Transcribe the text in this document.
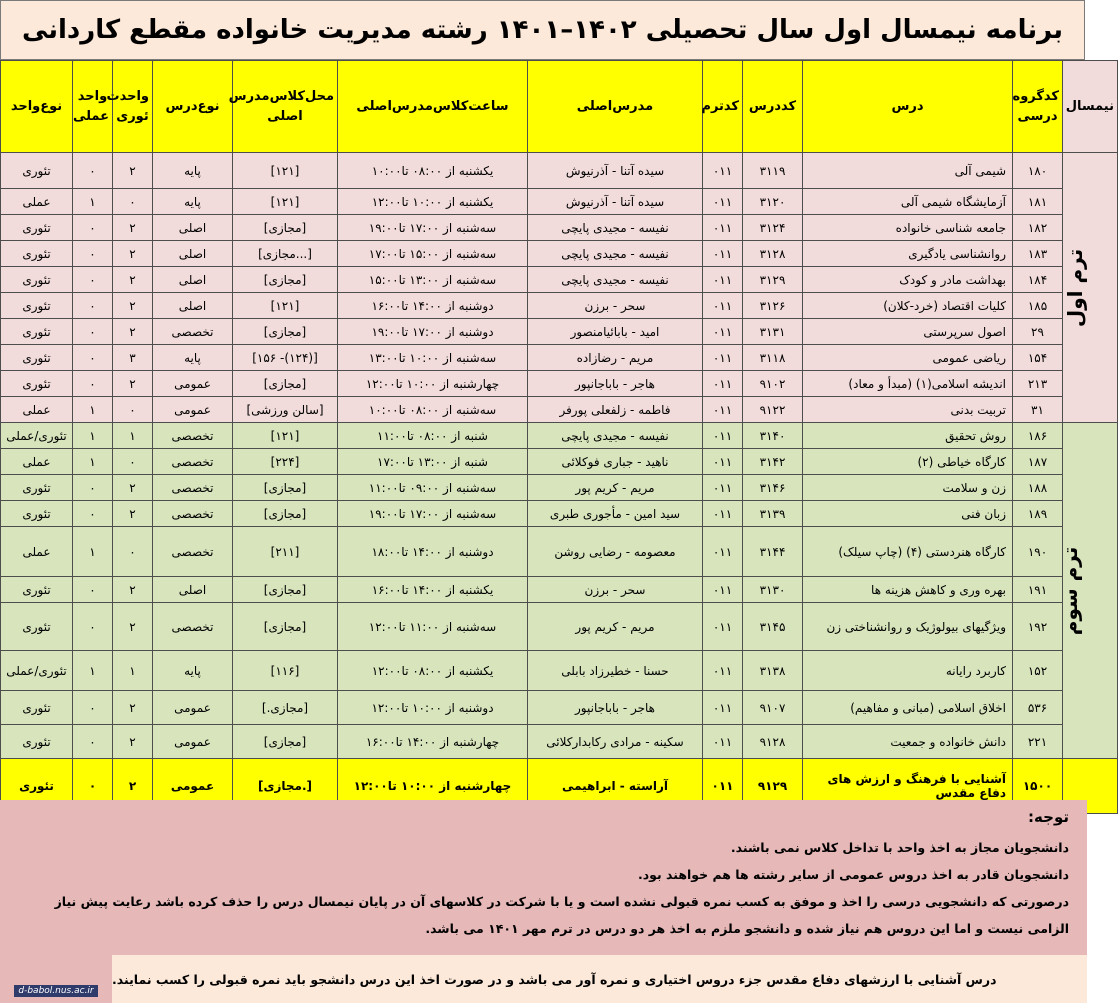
برنامه نیمسال اول سال تحصیلی ۱۴۰۲–۱۴۰۱ رشته مدیریت خانواده مقطع کاردانی
نیمسال	کدگروه درسی	درس	کددرس	کدترم	مدرس‌اصلی	ساعت‌کلاس‌مدرس‌اصلی	محل‌کلاس‌مدرس اصلی	نوع‌درس	واحدت ئوری	واحد عملی	نوع‌واحد
ترم اول	۱۸۰	شیمی آلی	۳۱۱۹	۰۱۱	سیده آتنا - آذرنیوش	یکشنبه از ۰۸:۰۰ تا۱۰:۰۰	[۱۲۱]	پایه	۲	۰	تئوری
	۱۸۱	آزمایشگاه شیمی آلی	۳۱۲۰	۰۱۱	سیده آتنا - آذرنیوش	یکشنبه از ۱۰:۰۰ تا۱۲:۰۰	[۱۲۱]	پایه	۰	۱	عملی
	۱۸۲	جامعه شناسی خانواده	۳۱۲۴	۰۱۱	نفیسه - مجیدی پایچی	سه‌شنبه از ۱۷:۰۰ تا۱۹:۰۰	[مجازی]	اصلی	۲	۰	تئوری
	۱۸۳	روانشناسی یادگیری	۳۱۲۸	۰۱۱	نفیسه - مجیدی پایچی	سه‌شنبه از ۱۵:۰۰ تا۱۷:۰۰	[...مجازی]	اصلی	۲	۰	تئوری
	۱۸۴	بهداشت مادر و کودک	۳۱۲۹	۰۱۱	نفیسه - مجیدی پایچی	سه‌شنبه از ۱۳:۰۰ تا۱۵:۰۰	[مجازی]	اصلی	۲	۰	تئوری
	۱۸۵	کلیات اقتصاد (خرد-کلان)	۳۱۲۶	۰۱۱	سحر - برزن	دوشنبه از ۱۴:۰۰ تا۱۶:۰۰	[۱۲۱]	اصلی	۲	۰	تئوری
	۲۹	اصول سرپرستی	۳۱۳۱	۰۱۱	امید - بابائیامنصور	دوشنبه از ۱۷:۰۰ تا۱۹:۰۰	[مجازی]	تخصصی	۲	۰	تئوری
	۱۵۴	ریاضی عمومی	۳۱۱۸	۰۱۱	مریم - رضازاده	سه‌شنبه از ۱۰:۰۰ تا۱۳:۰۰	[(۱۲۴)- ۱۵۶]	پایه	۳	۰	تئوری
	۲۱۳	اندیشه اسلامی(۱) (مبدأ و معاد)	۹۱۰۲	۰۱۱	هاجر - باباجانپور	چهارشنبه از ۱۰:۰۰ تا۱۲:۰۰	[مجازی]	عمومی	۲	۰	تئوری
	۳۱	تربیت بدنی	۹۱۲۲	۰۱۱	فاطمه - زلفعلی پورفر	سه‌شنبه از ۰۸:۰۰ تا۱۰:۰۰	[سالن ورزشی]	عمومی	۰	۱	عملی
ترم سوم	۱۸۶	روش تحقیق	۳۱۴۰	۰۱۱	نفیسه - مجیدی پایچی	شنبه از ۰۸:۰۰ تا۱۱:۰۰	[۱۲۱]	تخصصی	۱	۱	تئوری/عملی
	۱۸۷	کارگاه خیاطی (۲)	۳۱۴۲	۰۱۱	ناهید - جباری فوکلائی	شنبه از ۱۳:۰۰ تا۱۷:۰۰	[۲۲۴]	تخصصی	۰	۱	عملی
	۱۸۸	زن و سلامت	۳۱۴۶	۰۱۱	مریم - کریم پور	سه‌شنبه از ۰۹:۰۰ تا۱۱:۰۰	[مجازی]	تخصصی	۲	۰	تئوری
	۱۸۹	زبان فنی	۳۱۳۹	۰۱۱	سید امین - مأجوری طبری	سه‌شنبه از ۱۷:۰۰ تا۱۹:۰۰	[مجازی]	تخصصی	۲	۰	تئوری
	۱۹۰	کارگاه هنردستی (۴) (چاپ سیلک)	۳۱۴۴	۰۱۱	معصومه - رضایی روشن	دوشنبه از ۱۴:۰۰ تا۱۸:۰۰	[۲۱۱]	تخصصی	۰	۱	عملی
	۱۹۱	بهره وری و کاهش هزینه ها	۳۱۳۰	۰۱۱	سحر - برزن	یکشنبه از ۱۴:۰۰ تا۱۶:۰۰	[مجازی]	اصلی	۲	۰	تئوری
	۱۹۲	ویژگیهای بیولوژیک و روانشناختی زن	۳۱۴۵	۰۱۱	مریم - کریم پور	سه‌شنبه از ۱۱:۰۰ تا۱۲:۰۰	[مجازی]	تخصصی	۲	۰	تئوری
	۱۵۲	کاربرد رایانه	۳۱۳۸	۰۱۱	حسنا - خطیرزاد بابلی	یکشنبه از ۰۸:۰۰ تا۱۲:۰۰	[۱۱۶]	پایه	۱	۱	تئوری/عملی
	۵۳۶	اخلاق اسلامی (مبانی و مفاهیم)	۹۱۰۷	۰۱۱	هاجر - باباجانپور	دوشنبه از ۱۰:۰۰ تا۱۲:۰۰	[مجازی.]	عمومی	۲	۰	تئوری
	۲۲۱	دانش خانواده و جمعیت	۹۱۲۸	۰۱۱	سکینه - مرادی رکابدارکلائی	چهارشنبه از ۱۴:۰۰ تا۱۶:۰۰	[مجازی]	عمومی	۲	۰	تئوری
	۱۵۰۰	آشنایی با فرهنگ و ارزش های دفاع مقدس	۹۱۲۹	۰۱۱	آراسته - ابراهیمی	چهارشنبه از ۱۰:۰۰ تا۱۲:۰۰	[.مجازی]	عمومی	۲	۰	تئوری
توجه:
دانشجویان مجاز به اخذ واحد با تداخل کلاس نمی باشند.
دانشجویان قادر به اخذ دروس عمومی از سایر رشته ها هم خواهند بود.
درصورتی که دانشجویی درسی را اخذ و موفق به کسب نمره قبولی نشده است و یا با شرکت در کلاسهای آن در پایان نیمسال درس را حذف کرده باشد رعایت پیش نیاز
الزامی نیست و اما این دروس هم نیاز شده و دانشجو ملزم به اخذ هر دو درس در ترم مهر ۱۴۰۱ می باشد.
درس آشنایی با ارزشهای دفاع مقدس جزء دروس اختیاری و نمره آور می باشد و در صورت اخذ این درس دانشجو باید نمره قبولی را کسب نمایند.
d-babol.nus.ac.ir
